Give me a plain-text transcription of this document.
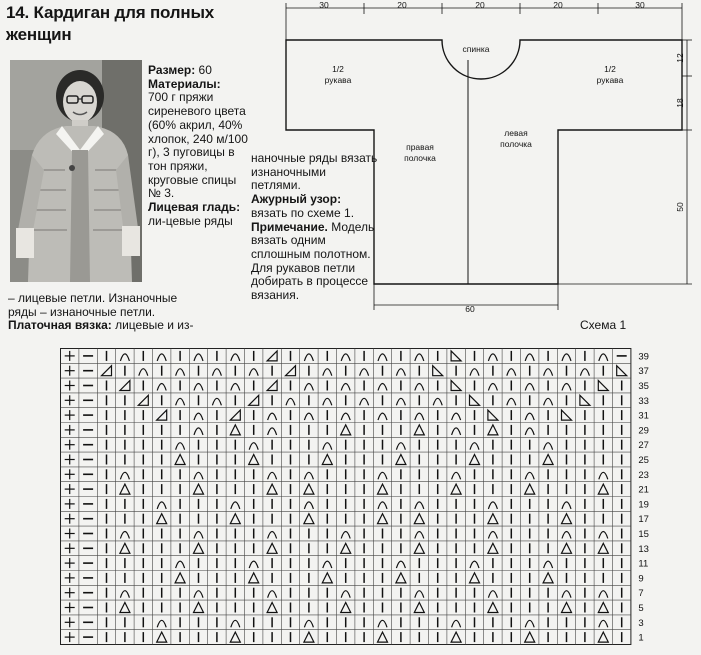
14. Кардиган для полных
женщин

Размер: 60

Материалы:

700 г пряжи сиреневого цвета (60% акрил, 40% хлопок, 240 м/100 г), 3 пуговицы в тон пряжи, круговые спицы № 3.

Лицевая гладь: ли-цевые ряды

– лицевые петли. Изнаночные
ряды – изнаночные петли.
Платочная вязка: лицевые и из-

наночные ряды вязать изнаночными петлями.

Ажурный узор: вязать по схеме 1.

Примечание. Модель вязать одним сплошным полотном. Для рукавов петли добирать в процессе вязания.

30	20	20	20	30
12
18
50
60
1/2
рукава
1/2
рукава
спинка
правая
полочка
левая
полочка
Схема 1
39
37
35
33
31
29
27
25
23
21
19
17
15
13
11
9
7
5
3
1
